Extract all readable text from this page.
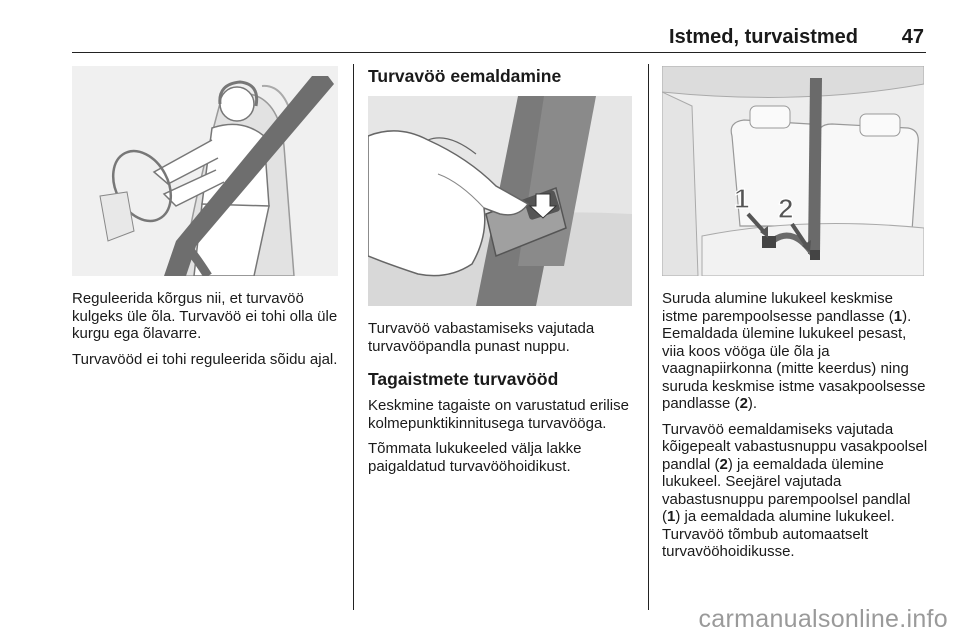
Istmed, turvaistmed 47

Reguleerida kõrgus nii, et turvavöö kulgeks üle õla. Turvavöö ei tohi olla üle kurgu ega õlavarre.

Turvavööd ei tohi reguleerida sõidu ajal.

Turvavöö eemaldamine

Turvavöö vabastamiseks vajutada turvavööpandla punast nuppu.

Tagaistmete turvavööd

Keskmine tagaiste on varustatud erilise kolmepunktikinnitusega turvavööga.

Tõmmata lukukeeled välja lakke paigaldatud turvavööhoidikust.

1 2

Suruda alumine lukukeel keskmise istme parempoolsesse pandlasse (1). Eemaldada ülemine lukukeel pesast, viia koos vööga üle õla ja vaagnapiirkonna (mitte keerdus) ning suruda keskmise istme vasakpoolsesse pandlasse (2).

Turvavöö eemaldamiseks vajutada kõigepealt vabastusnuppu vasakpoolsel pandlal (2) ja eemaldada ülemine lukukeel. Seejärel vajutada vabastusnuppu parempoolsel pandlal (1) ja eemaldada alumine lukukeel. Turvavöö tõmbub automaatselt turvavööhoidikusse.

carmanualsonline.info
